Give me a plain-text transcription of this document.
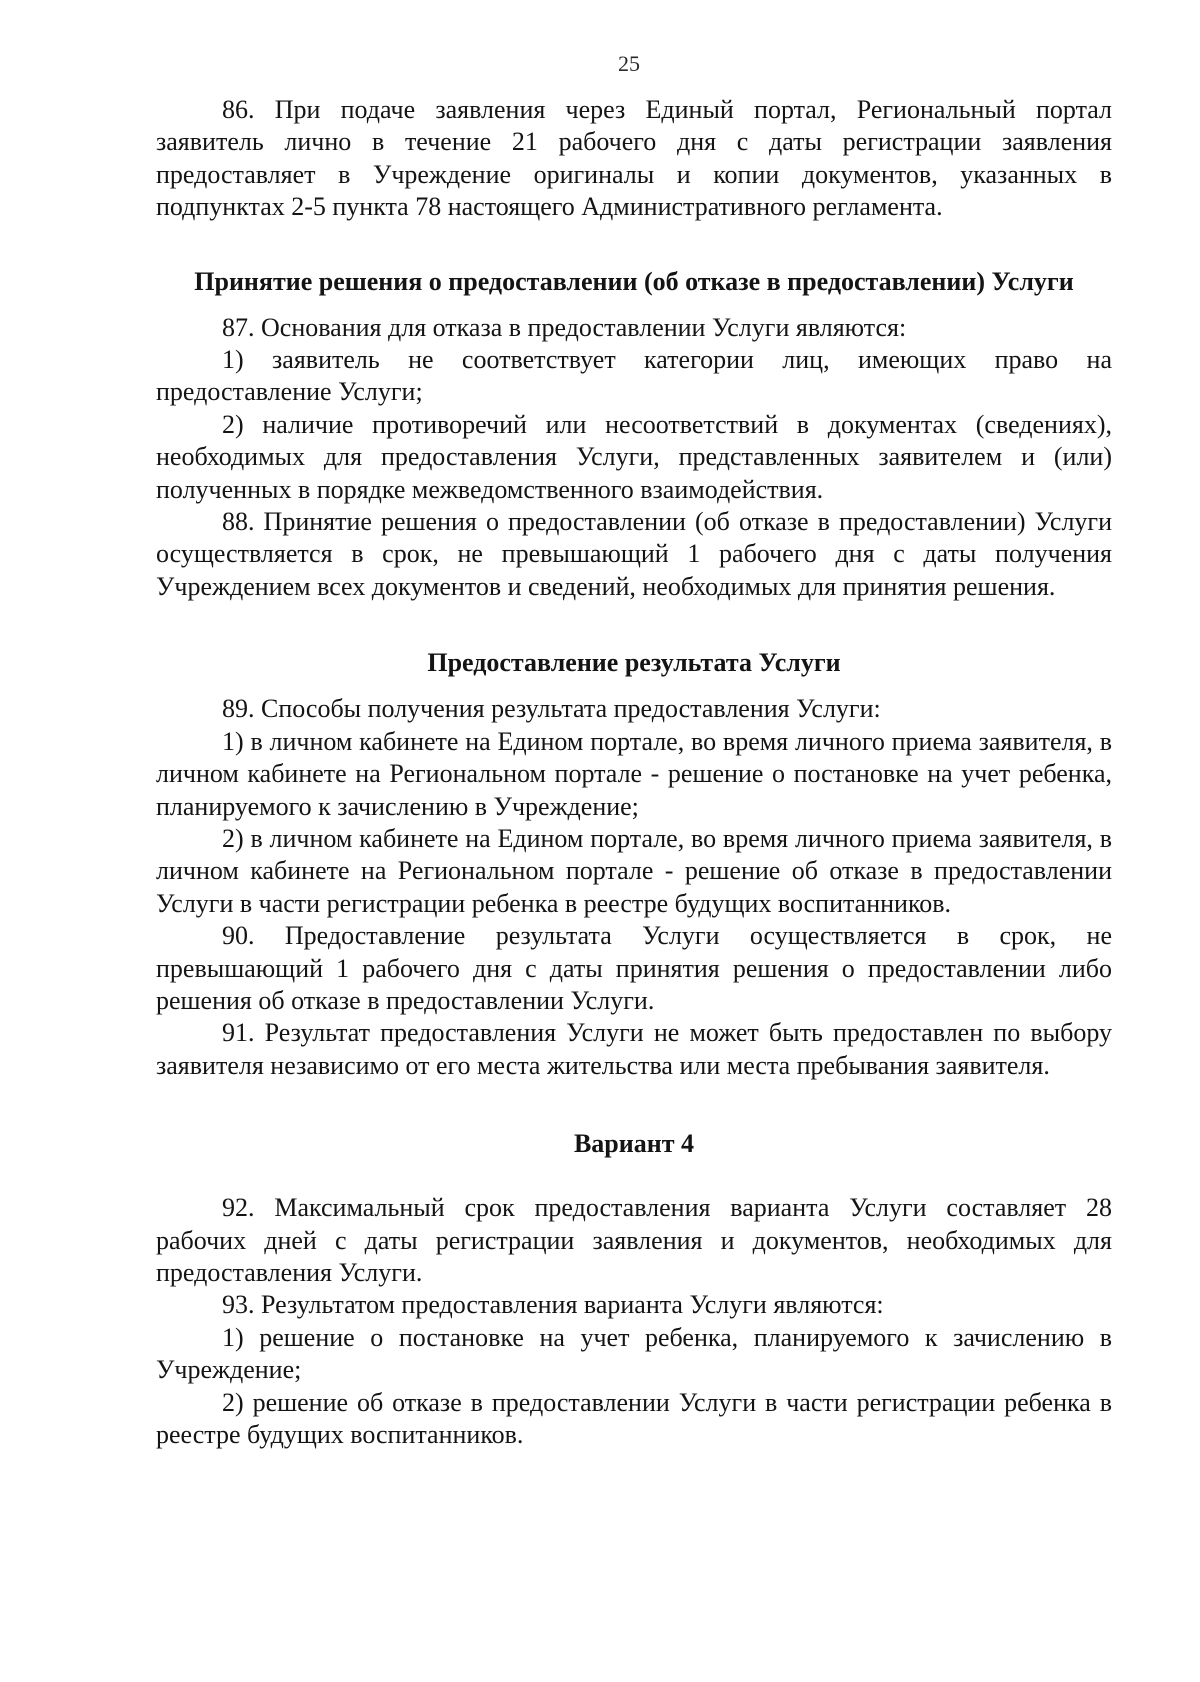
25

86. При подаче заявления через Единый портал, Региональный портал заявитель лично в течение 21 рабочего дня с даты регистрации заявления предоставляет в Учреждение оригиналы и копии документов, указанных в подпунктах 2-5 пункта 78 настоящего Административного регламента.

Принятие решения о предоставлении (об отказе в предоставлении) Услуги

87. Основания для отказа в предоставлении Услуги являются:

1) заявитель не соответствует категории лиц, имеющих право на предоставление Услуги;

2) наличие противоречий или несоответствий в документах (сведениях), необходимых для предоставления Услуги, представленных заявителем и (или) полученных в порядке межведомственного взаимодействия.

88. Принятие решения о предоставлении (об отказе в предоставлении) Услуги осуществляется в срок, не превышающий 1 рабочего дня с даты получения Учреждением всех документов и сведений, необходимых для принятия решения.

Предоставление результата Услуги

89. Способы получения результата предоставления Услуги:

1) в личном кабинете на Едином портале, во время личного приема заявителя, в личном кабинете на Региональном портале - решение о постановке на учет ребенка, планируемого к зачислению в Учреждение;

2) в личном кабинете на Едином портале, во время личного приема заявителя, в личном кабинете на Региональном портале - решение об отказе в предоставлении Услуги в части регистрации ребенка в реестре будущих воспитанников.

90. Предоставление результата Услуги осуществляется в срок, не превышающий 1 рабочего дня с даты принятия решения о предоставлении либо решения об отказе в предоставлении Услуги.

91. Результат предоставления Услуги не может быть предоставлен по выбору заявителя независимо от его места жительства или места пребывания заявителя.

Вариант 4

92. Максимальный срок предоставления варианта Услуги составляет 28 рабочих дней с даты регистрации заявления и документов, необходимых для предоставления Услуги.

93. Результатом предоставления варианта Услуги являются:

1) решение о постановке на учет ребенка, планируемого к зачислению в Учреждение;

2) решение об отказе в предоставлении Услуги в части регистрации ребенка в реестре будущих воспитанников.
